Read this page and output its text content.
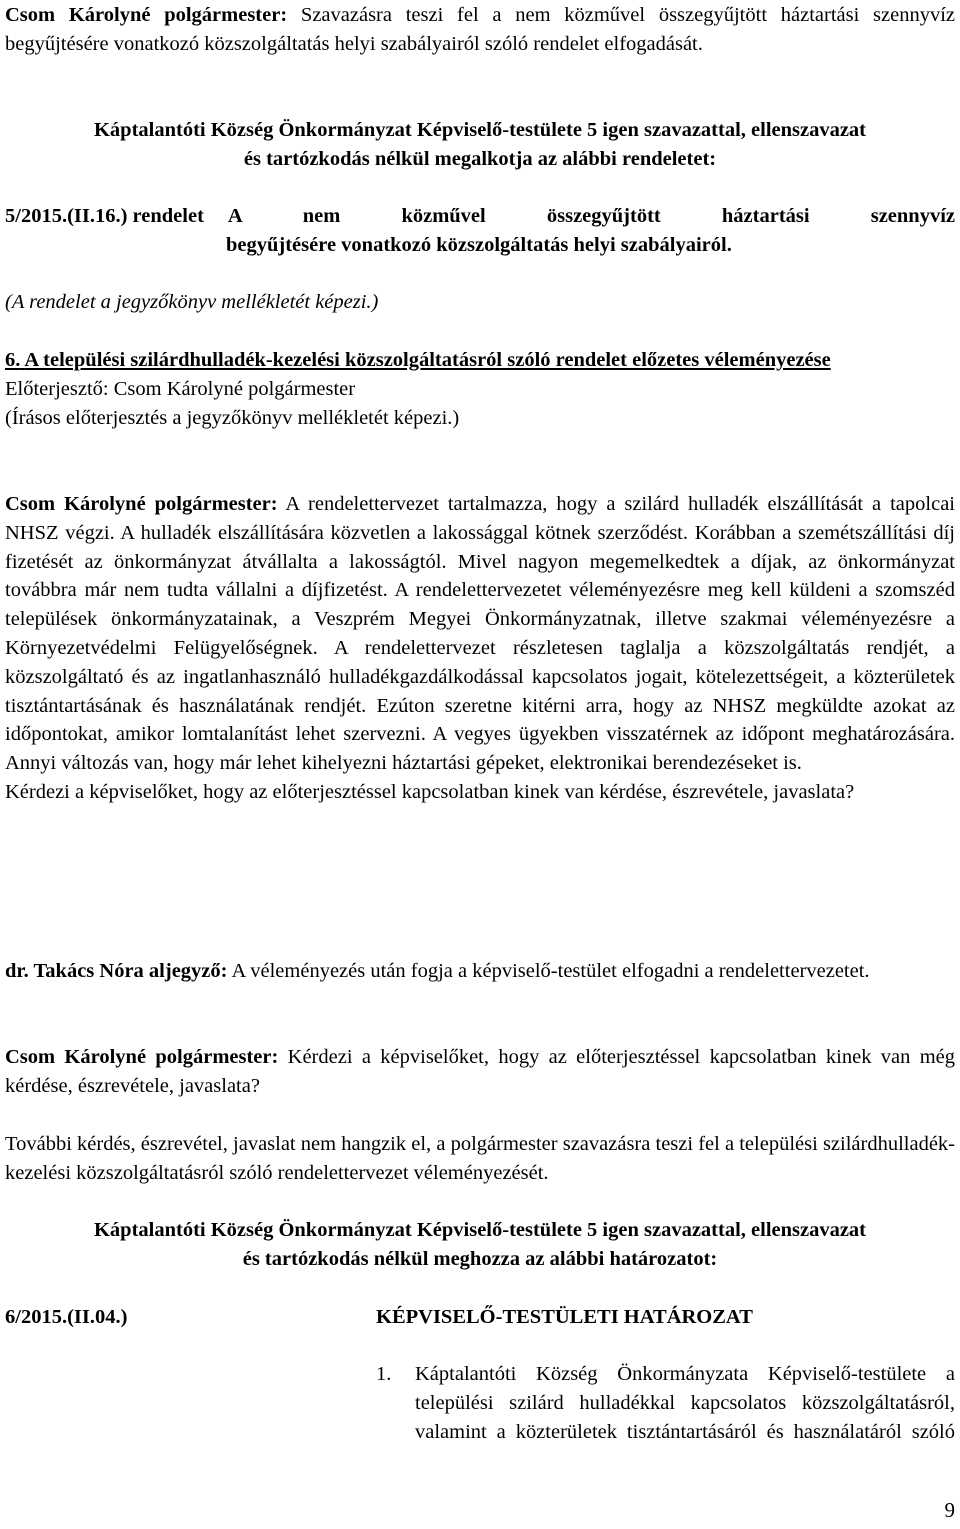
Csom Károlyné polgármester: Szavazásra teszi fel a nem közművel összegyűjtött háztartási szennyvíz begyűjtésére vonatkozó közszolgáltatás helyi szabályairól szóló rendelet elfogadását.

Káptalantóti Község Önkormányzat Képviselő-testülete 5 igen szavazattal, ellenszavazat
és tartózkodás nélkül megalkotja az alábbi rendeletet:
5/2015.(II.16.) rendelet A nem közművel összegyűjtött háztartási szennyvíz
begyűjtésére vonatkozó közszolgáltatás helyi szabályairól.
(A rendelet a jegyzőkönyv mellékletét képezi.)

6. A települési szilárdhulladék-kezelési közszolgáltatásról szóló rendelet előzetes véleményezése

Előterjesztő: Csom Károlyné polgármester
(Írásos előterjesztés a jegyzőkönyv mellékletét képezi.)

Csom Károlyné polgármester: A rendelettervezet tartalmazza, hogy a szilárd hulladék elszállítását a tapolcai NHSZ végzi. A hulladék elszállítására közvetlen a lakossággal kötnek szerződést. Korábban a szemétszállítási díj fizetését az önkormányzat átvállalta a lakosságtól. Mivel nagyon megemelkedtek a díjak, az önkormányzat továbbra már nem tudta vállalni a díjfizetést. A rendelettervezetet véleményezésre meg kell küldeni a szomszéd települések önkormányzatainak, a Veszprém Megyei Önkormányzatnak, illetve szakmai véleményezésre a Környezetvédelmi Felügyelőségnek. A rendelettervezet részletesen taglalja a közszolgáltatás rendjét, a közszolgáltató és az ingatlanhasználó hulladékgazdálkodással kapcsolatos jogait, kötelezettségeit, a közterületek tisztántartásának és használatának rendjét. Ezúton szeretne kitérni arra, hogy az NHSZ megküldte azokat az időpontokat, amikor lomtalanítást lehet szervezni. A vegyes ügyekben visszatérnek az időpont meghatározására. Annyi változás van, hogy már lehet kihelyezni háztartási gépeket, elektronikai berendezéseket is.

Kérdezi a képviselőket, hogy az előterjesztéssel kapcsolatban kinek van kérdése, észrevétele, javaslata?

dr. Takács Nóra aljegyző: A véleményezés után fogja a képviselő-testület elfogadni a rendelettervezetet.

Csom Károlyné polgármester: Kérdezi a képviselőket, hogy az előterjesztéssel kapcsolatban kinek van még kérdése, észrevétele, javaslata?

További kérdés, észrevétel, javaslat nem hangzik el, a polgármester szavazásra teszi fel a települési szilárdhulladék-kezelési közszolgáltatásról szóló rendelettervezet véleményezését.

Káptalantóti Község Önkormányzat Képviselő-testülete 5 igen szavazattal, ellenszavazat
és tartózkodás nélkül meghozza az alábbi határozatot:
6/2015.(II.04.)	KÉPVISELŐ-TESTÜLETI HATÁROZAT
1. Káptalantóti Község Önkormányzata Képviselő-testülete a települési szilárd hulladékkal kapcsolatos közszolgáltatásról, valamint a közterületek tisztántartásáról és használatáról szóló
9
